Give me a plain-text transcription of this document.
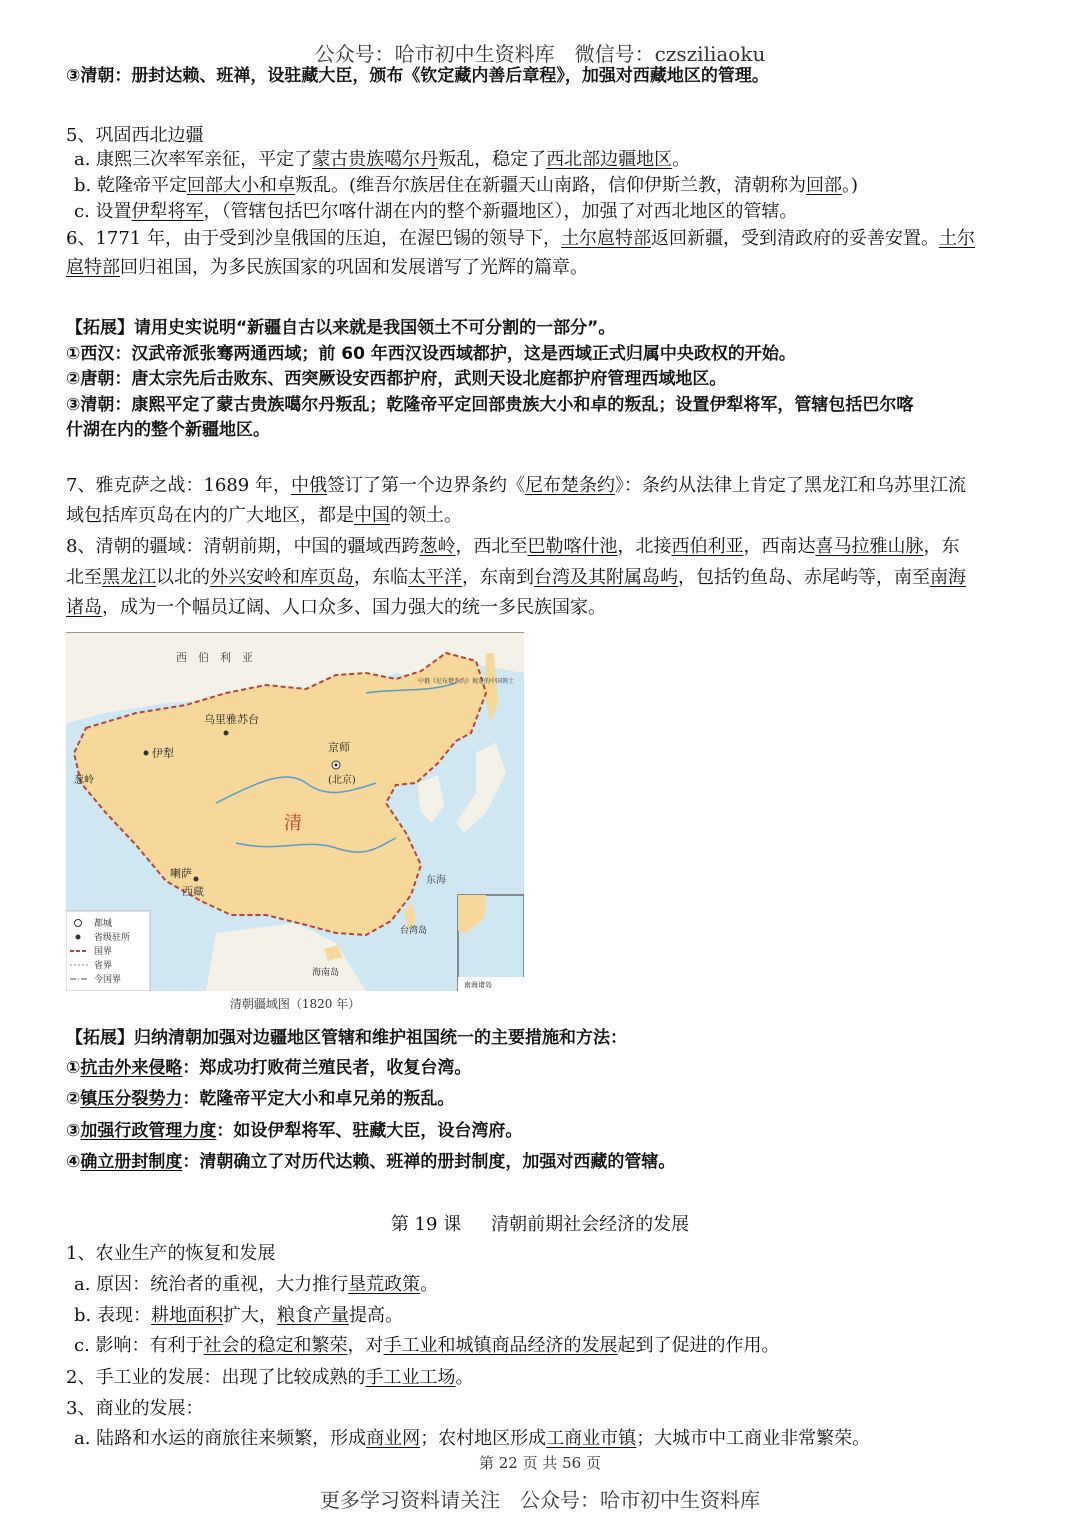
公众号：哈市初中生资料库　微信号：czsziliaoku
③清朝：册封达赖、班禅，设驻藏大臣，颁布《钦定藏内善后章程》，加强对西藏地区的管理。
5、巩固西北边疆
a. 康熙三次率军亲征，平定了蒙古贵族噶尔丹叛乱，稳定了西北部边疆地区。
b. 乾隆帝平定回部大小和卓叛乱。(维吾尔族居住在新疆天山南路，信仰伊斯兰教，清朝称为回部。)
c. 设置伊犁将军，（管辖包括巴尔喀什湖在内的整个新疆地区），加强了对西北地区的管辖。
6、1771 年，由于受到沙皇俄国的压迫，在渥巴锡的领导下，土尔扈特部返回新疆，受到清政府的妥善安置。土尔
扈特部回归祖国，为多民族国家的巩固和发展谱写了光辉的篇章。
【拓展】请用史实说明“新疆自古以来就是我国领土不可分割的一部分”。
①西汉：汉武帝派张骞两通西域；前 60 年西汉设西域都护，这是西域正式归属中央政权的开始。
②唐朝：唐太宗先后击败东、西突厥设安西都护府，武则天设北庭都护府管理西域地区。
③清朝：康熙平定了蒙古贵族噶尔丹叛乱；乾隆帝平定回部贵族大小和卓的叛乱；设置伊犁将军，管辖包括巴尔喀
什湖在内的整个新疆地区。
7、雅克萨之战：1689 年，中俄签订了第一个边界条约《尼布楚条约》：条约从法律上肯定了黑龙江和乌苏里江流
域包括库页岛在内的广大地区，都是中国的领土。
8、清朝的疆域：清朝前期，中国的疆域西跨葱岭，西北至巴勒喀什池，北接西伯利亚，西南达喜马拉雅山脉，东
北至黑龙江以北的外兴安岭和库页岛，东临太平洋，东南到台湾及其附属岛屿，包括钓鱼岛、赤尾屿等，南至南海
诸岛，成为一个幅员辽阔、人口众多、国力强大的统一多民族国家。
西　伯　利　亚
乌里雅苏台
伊犁
清
京师
(北京)
喇萨
西藏
台湾岛
海南岛
中俄《尼布楚条约》规定的中国领土
葱岭
东海
南海诸岛
都城
省级驻所
国界
省界
今国界
清朝疆域图（1820 年）
【拓展】归纳清朝加强对边疆地区管辖和维护祖国统一的主要措施和方法：
①抗击外来侵略：郑成功打败荷兰殖民者，收复台湾。
②镇压分裂势力：乾隆帝平定大小和卓兄弟的叛乱。
③加强行政管理力度：如设伊犁将军、驻藏大臣，设台湾府。
④确立册封制度：清朝确立了对历代达赖、班禅的册封制度，加强对西藏的管辖。
第 19 课 清朝前期社会经济的发展
1、农业生产的恢复和发展
a. 原因：统治者的重视，大力推行垦荒政策。
b. 表现：耕地面积扩大，粮食产量提高。
c. 影响：有利于社会的稳定和繁荣，对手工业和城镇商品经济的发展起到了促进的作用。
2、手工业的发展：出现了比较成熟的手工业工场。
3、商业的发展：
a. 陆路和水运的商旅往来频繁，形成商业网；农村地区形成工商业市镇；大城市中工商业非常繁荣。
第 22 页 共 56 页
更多学习资料请关注　公众号：哈市初中生资料库
